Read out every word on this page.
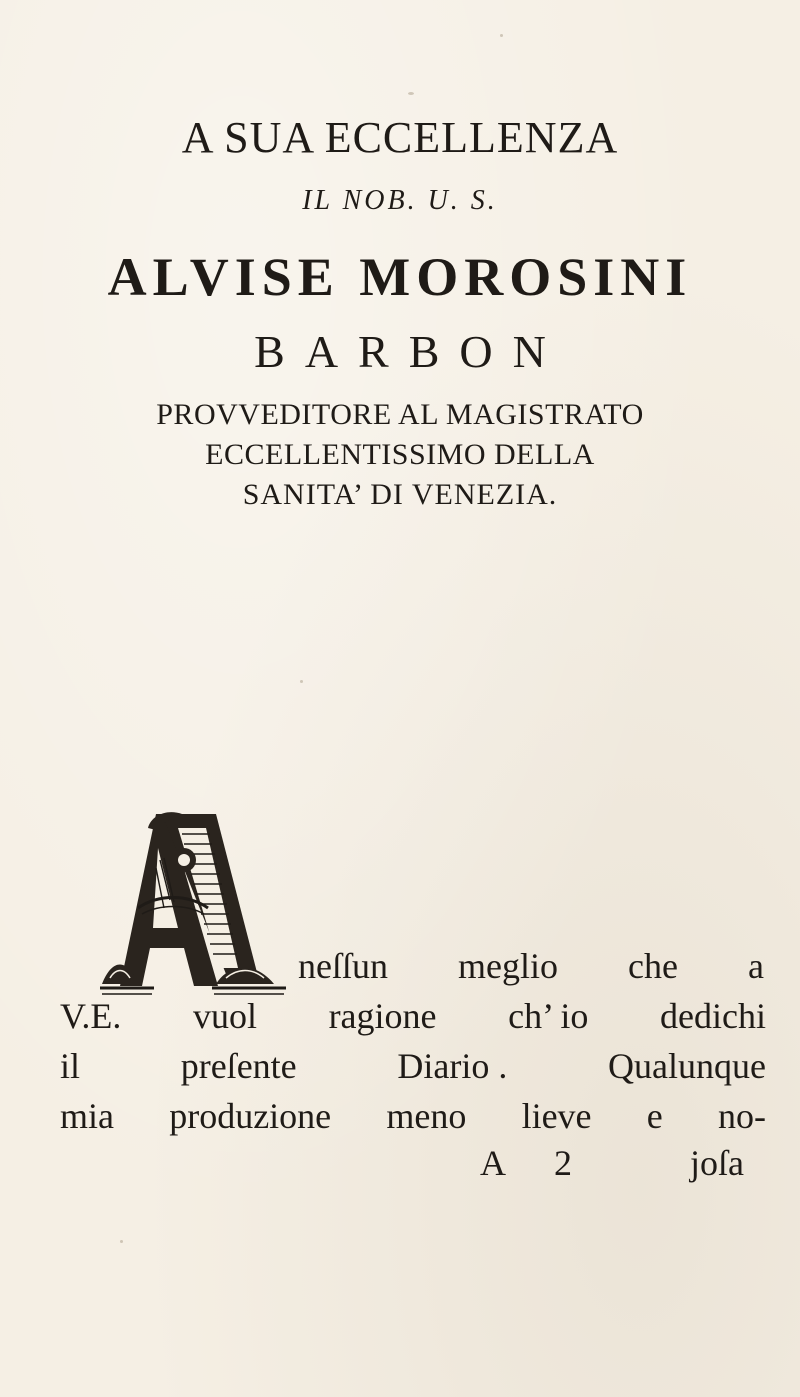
A SUA ECCELLENZA
IL NOB. U. S.
ALVISE MOROSINI
BARBON
PROVVEDITORE AL MAGISTRATO
ECCELLENTISSIMO DELLA
SANITA’ DI VENEZIA.
neſſun meglio che a
V.E. vuol ragione ch’ io dedichi
il	preſente	Diario .	Qualunque
mia produzione meno lieve e no-
A 2	joſa
